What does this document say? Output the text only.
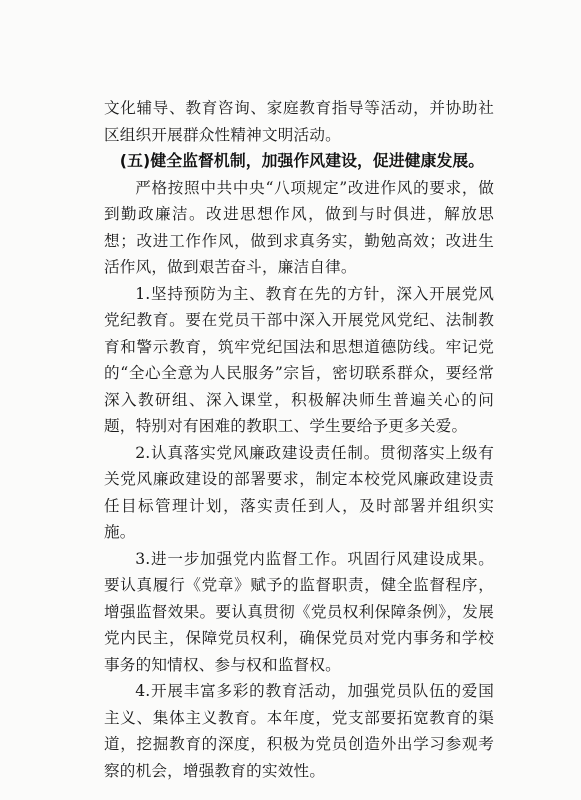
文化辅导、教育咨询、家庭教育指导等活动，并协助社区组织开展群众性精神文明活动。

(五)健全监督机制，加强作风建设，促进健康发展。

严格按照中共中央“八项规定”改进作风的要求，做到勤政廉洁。改进思想作风，做到与时俱进，解放思想；改进工作作风，做到求真务实，勤勉高效；改进生活作风，做到艰苦奋斗，廉洁自律。

1.坚持预防为主、教育在先的方针，深入开展党风党纪教育。要在党员干部中深入开展党风党纪、法制教育和警示教育，筑牢党纪国法和思想道德防线。牢记党的“全心全意为人民服务”宗旨，密切联系群众，要经常深入教研组、深入课堂，积极解决师生普遍关心的问题，特别对有困难的教职工、学生要给予更多关爱。

2.认真落实党风廉政建设责任制。贯彻落实上级有关党风廉政建设的部署要求，制定本校党风廉政建设责任目标管理计划，落实责任到人，及时部署并组织实施。

3.进一步加强党内监督工作。巩固行风建设成果。要认真履行《党章》赋予的监督职责，健全监督程序，增强监督效果。要认真贯彻《党员权利保障条例》，发展党内民主，保障党员权利，确保党员对党内事务和学校事务的知情权、参与权和监督权。

4.开展丰富多彩的教育活动，加强党员队伍的爱国主义、集体主义教育。本年度，党支部要拓宽教育的渠道，挖掘教育的深度，积极为党员创造外出学习参观考察的机会，增强教育的实效性。
